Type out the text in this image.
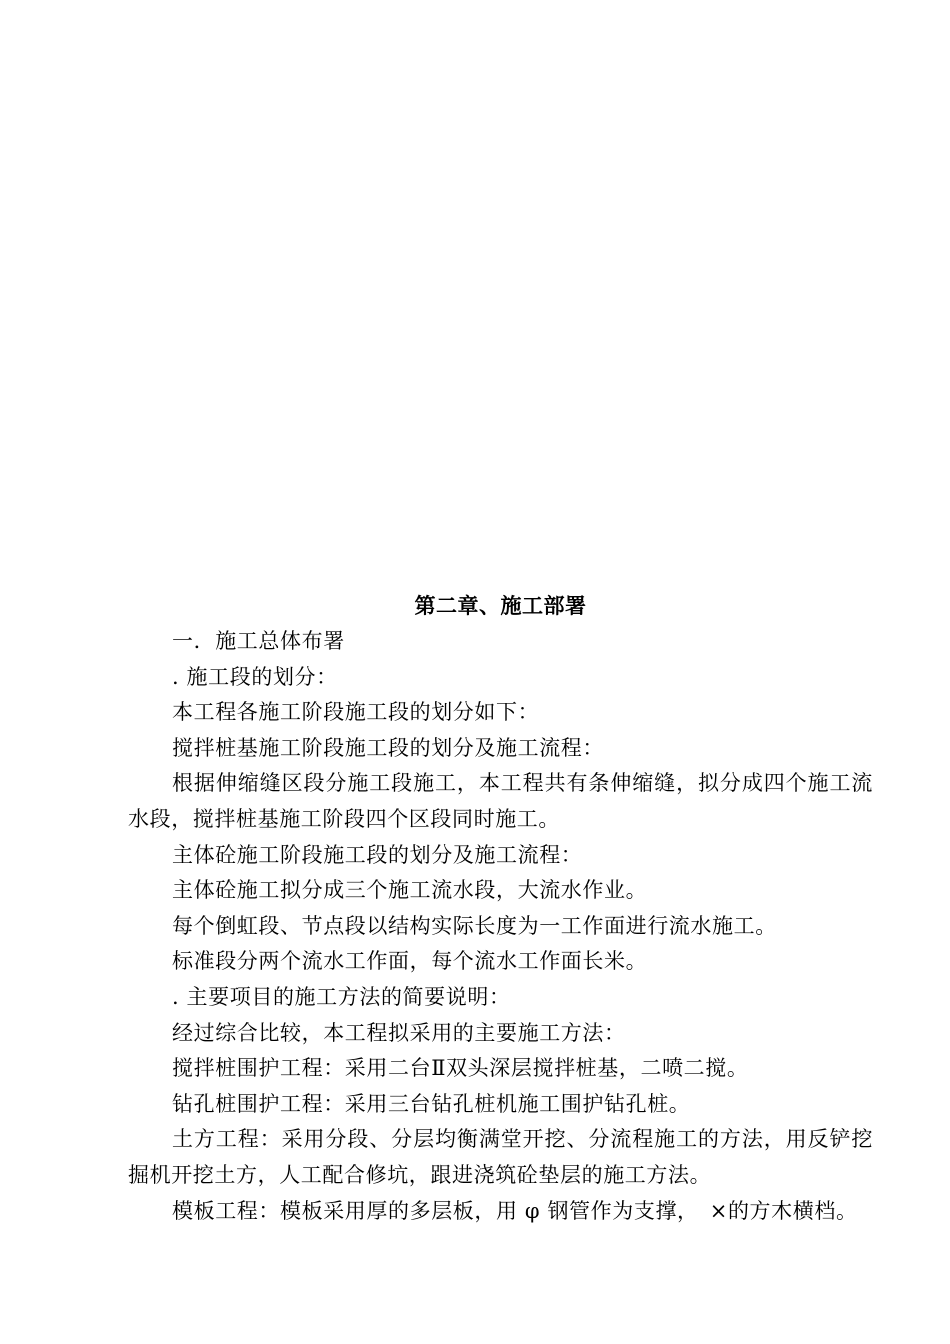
第二章、施工部署

一．施工总体布署

. 施工段的划分：

本工程各施工阶段施工段的划分如下：

搅拌桩基施工阶段施工段的划分及施工流程：

根据伸缩缝区段分施工段施工，本工程共有条伸缩缝，拟分成四个施工流水段，搅拌桩基施工阶段四个区段同时施工。

主体砼施工阶段施工段的划分及施工流程：

主体砼施工拟分成三个施工流水段，大流水作业。

每个倒虹段、节点段以结构实际长度为一工作面进行流水施工。

标准段分两个流水工作面，每个流水工作面长米。

. 主要项目的施工方法的简要说明：

经过综合比较，本工程拟采用的主要施工方法：

搅拌桩围护工程：采用二台Ⅱ双头深层搅拌桩基，二喷二搅。

钻孔桩围护工程：采用三台钻孔桩机施工围护钻孔桩。

土方工程：采用分段、分层均衡满堂开挖、分流程施工的方法，用反铲挖掘机开挖土方，人工配合修坑，跟进浇筑砼垫层的施工方法。

模板工程：模板采用厚的多层板，用 φ 钢管作为支撑，　×的方木横档。
